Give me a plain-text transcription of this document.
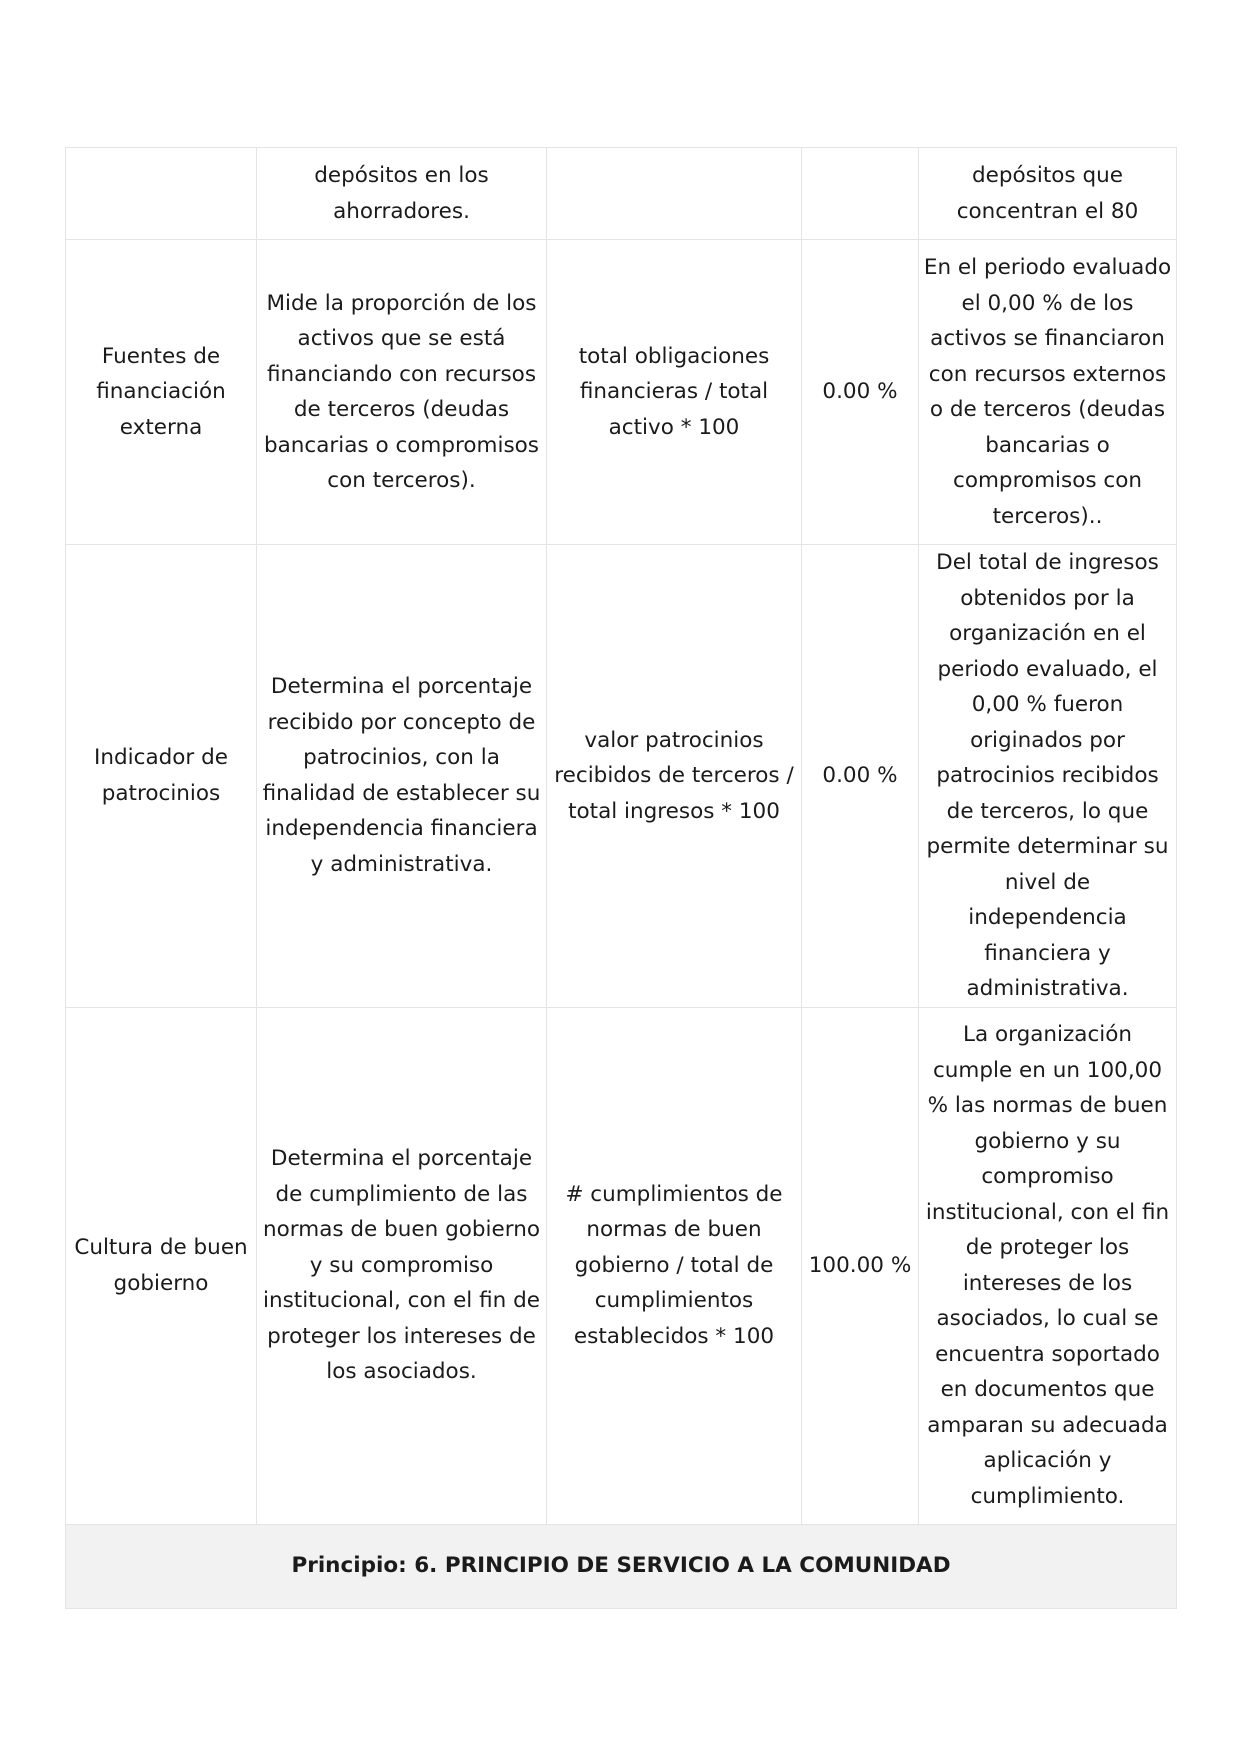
	depósitos en los ahorradores.			depósitos que concentran el 80
Fuentes de financiación externa	Mide la proporción de los activos que se está financiando con recursos de terceros (deudas bancarias o compromisos con terceros).	total obligaciones financieras / total activo * 100	0.00 %	En el periodo evaluado el 0,00 % de los activos se financiaron con recursos externos o de terceros (deudas bancarias o compromisos con terceros)..
Indicador de patrocinios	Determina el porcentaje recibido por concepto de patrocinios, con la finalidad de establecer su independencia financiera y administrativa.	valor patrocinios recibidos de terceros / total ingresos * 100	0.00 %	Del total de ingresos obtenidos por la organización en el periodo evaluado, el 0,00 % fueron originados por patrocinios recibidos de terceros, lo que permite determinar su nivel de independencia financiera y administrativa.
Cultura de buen gobierno	Determina el porcentaje de cumplimiento de las normas de buen gobierno y su compromiso institucional, con el fin de proteger los intereses de los asociados.	# cumplimientos de normas de buen gobierno / total de cumplimientos establecidos * 100	100.00 %	La organización cumple en un 100,00 % las normas de buen gobierno y su compromiso institucional, con el fin de proteger los intereses de los asociados, lo cual se encuentra soportado en documentos que amparan su adecuada aplicación y cumplimiento.
Principio: 6. PRINCIPIO DE SERVICIO A LA COMUNIDAD				
